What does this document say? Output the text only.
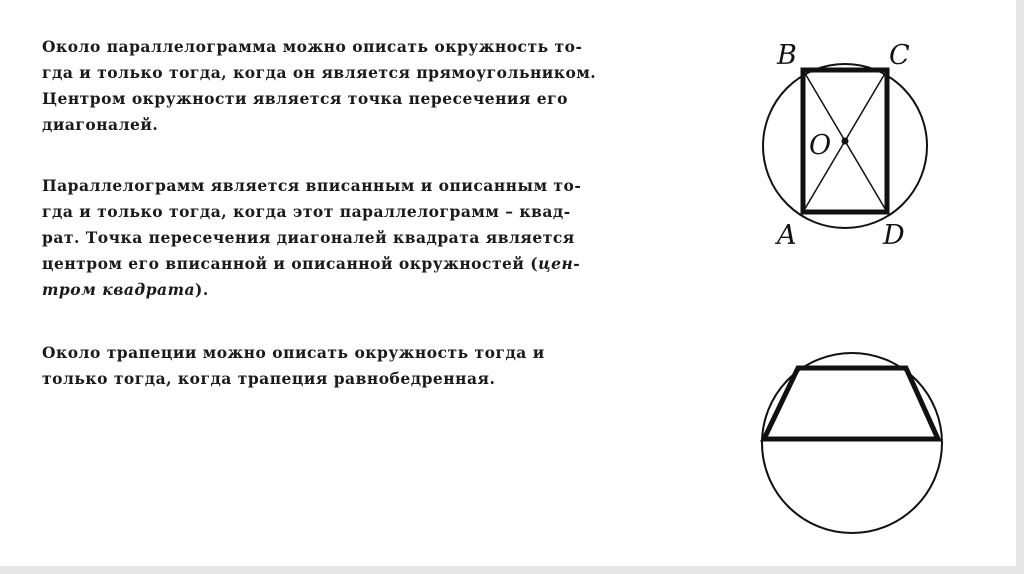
Около параллелограмма можно описать окружность то-
гда и только тогда, когда он является прямоугольником.
Центром окружности является точка пересечения его
диагоналей.
Параллелограмм является вписанным и описанным то-
гда и только тогда, когда этот параллелограмм – квад-
рат. Точка пересечения диагоналей квадрата является
центром его вписанной и описанной окружностей (цен-
тром квадрата).
Около трапеции можно описать окружность тогда и
только тогда, когда трапеция равнобедренная.
B	C
A	D
O
